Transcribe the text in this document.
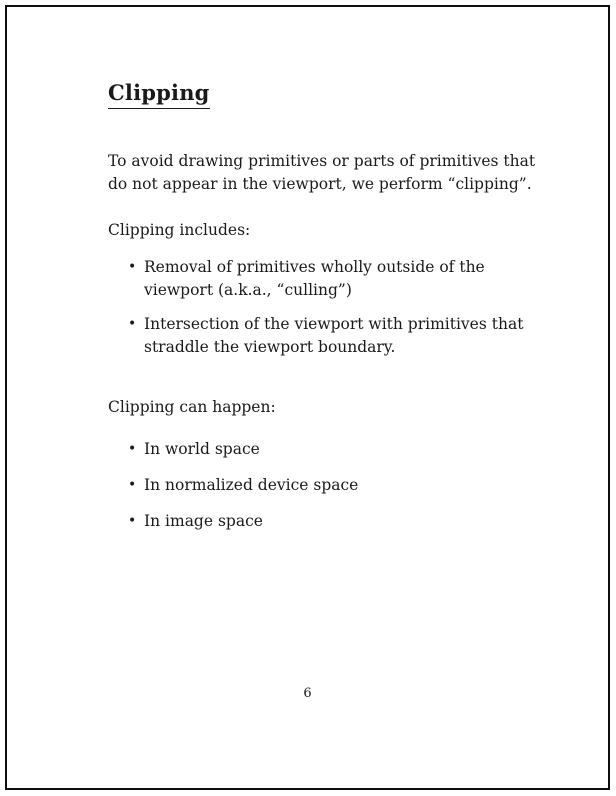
Clipping
To avoid drawing primitives or parts of primitives that
do not appear in the viewport, we perform “clipping”.
Clipping includes:
• Removal of primitives wholly outside of the
viewport (a.k.a., “culling”)
• Intersection of the viewport with primitives that
straddle the viewport boundary.
Clipping can happen:
• In world space
• In normalized device space
• In image space
6
